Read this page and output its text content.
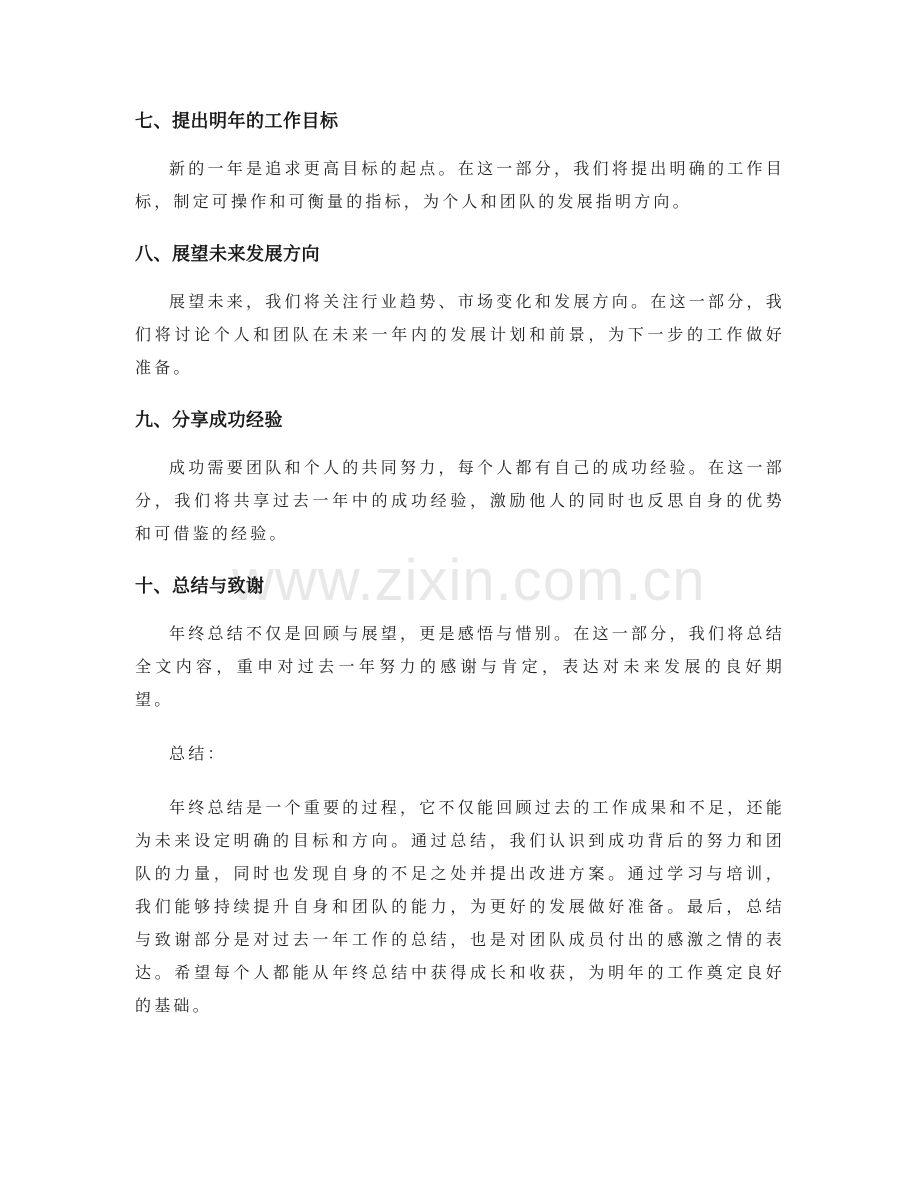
七、提出明年的工作目标

新的一年是追求更高目标的起点。在这一部分，我们将提出明确的工作目标，制定可操作和可衡量的指标，为个人和团队的发展指明方向。

八、展望未来发展方向

展望未来，我们将关注行业趋势、市场变化和发展方向。在这一部分，我们将讨论个人和团队在未来一年内的发展计划和前景，为下一步的工作做好准备。

九、分享成功经验

成功需要团队和个人的共同努力，每个人都有自己的成功经验。在这一部分，我们将共享过去一年中的成功经验，激励他人的同时也反思自身的优势和可借鉴的经验。

十、总结与致谢

年终总结不仅是回顾与展望，更是感悟与惜别。在这一部分，我们将总结全文内容，重申对过去一年努力的感谢与肯定，表达对未来发展的良好期望。

总结：

年终总结是一个重要的过程，它不仅能回顾过去的工作成果和不足，还能为未来设定明确的目标和方向。通过总结，我们认识到成功背后的努力和团队的力量，同时也发现自身的不足之处并提出改进方案。通过学习与培训，我们能够持续提升自身和团队的能力，为更好的发展做好准备。最后，总结与致谢部分是对过去一年工作的总结，也是对团队成员付出的感激之情的表达。希望每个人都能从年终总结中获得成长和收获，为明年的工作奠定良好的基础。

www.zixin.com.cn
